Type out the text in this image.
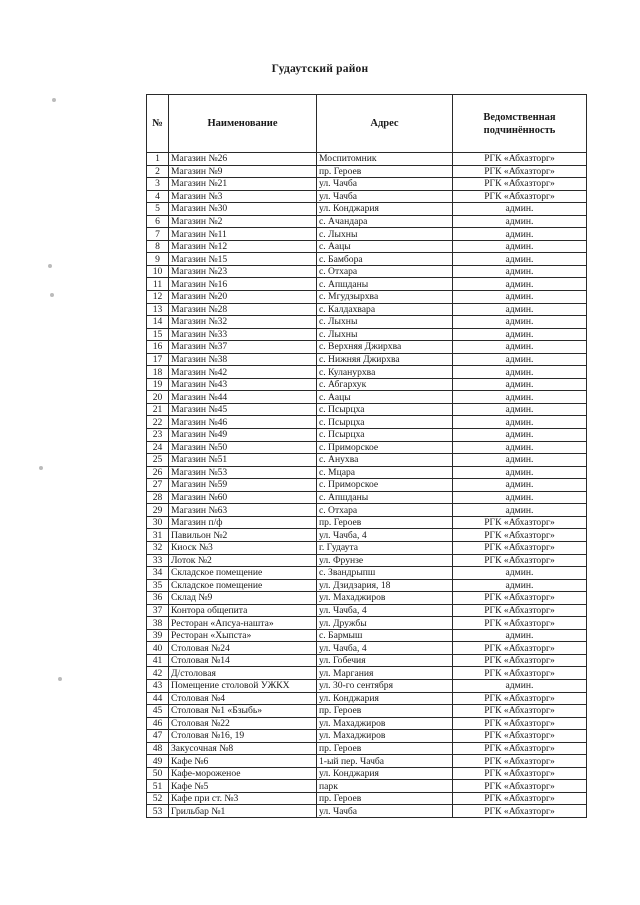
Гудаутский район
№	Наименование	Адрес	Ведомственная подчинённость
1	Магазин №26	Моспитомник	РГК «Абхазторг»
2	Магазин №9	пр. Героев	РГК «Абхазторг»
3	Магазин №21	ул. Чачба	РГК «Абхазторг»
4	Магазин №3	ул. Чачба	РГК «Абхазторг»
5	Магазин №30	ул. Конджария	админ.
6	Магазин №2	с. Ачандара	админ.
7	Магазин №11	с. Лыхны	админ.
8	Магазин №12	с. Аацы	админ.
9	Магазин №15	с. Бамбора	админ.
10	Магазин №23	с. Отхара	админ.
11	Магазин №16	с. Апшданы	админ.
12	Магазин №20	с. Мгудзырхва	админ.
13	Магазин №28	с. Калдахвара	админ.
14	Магазин №32	с. Лыхны	админ.
15	Магазин №33	с. Лыхны	админ.
16	Магазин №37	с. Верхняя Джирхва	админ.
17	Магазин №38	с. Нижняя Джирхва	админ.
18	Магазин №42	с. Куланурхва	админ.
19	Магазин №43	с. Абгархук	админ.
20	Магазин №44	с. Аацы	админ.
21	Магазин №45	с. Псырцха	админ.
22	Магазин №46	с. Псырцха	админ.
23	Магазин №49	с. Псырцха	админ.
24	Магазин №50	с. Приморское	админ.
25	Магазин №51	с. Анухва	админ.
26	Магазин №53	с. Мцара	админ.
27	Магазин №59	с. Приморское	админ.
28	Магазин №60	с. Апшданы	админ.
29	Магазин №63	с. Отхара	админ.
30	Магазин п/ф	пр. Героев	РГК «Абхазторг»
31	Павильон №2	ул. Чачба, 4	РГК «Абхазторг»
32	Киоск №3	г. Гудаута	РГК «Абхазторг»
33	Лоток №2	ул. Фрунзе	РГК «Абхазторг»
34	Складское помещение	с. Звандрыпш	админ.
35	Складское помещение	ул. Дзидзария, 18	админ.
36	Склад №9	ул. Махаджиров	РГК «Абхазторг»
37	Контора общепита	ул. Чачба, 4	РГК «Абхазторг»
38	Ресторан «Апсуа-нашта»	ул. Дружбы	РГК «Абхазторг»
39	Ресторан «Хыпста»	с. Бармыш	админ.
40	Столовая №24	ул. Чачба, 4	РГК «Абхазторг»
41	Столовая №14	ул. Гобечия	РГК «Абхазторг»
42	Д/столовая	ул. Маргания	РГК «Абхазторг»
43	Помещение столовой УЖКХ	ул. 30-го сентября	админ.
44	Столовая №4	ул. Конджария	РГК «Абхазторг»
45	Столовая №1 «Бзыбь»	пр. Героев	РГК «Абхазторг»
46	Столовая №22	ул. Махаджиров	РГК «Абхазторг»
47	Столовая №16, 19	ул. Махаджиров	РГК «Абхазторг»
48	Закусочная №8	пр. Героев	РГК «Абхазторг»
49	Кафе №6	1-ый пер. Чачба	РГК «Абхазторг»
50	Кафе-мороженое	ул. Конджария	РГК «Абхазторг»
51	Кафе №5	парк	РГК «Абхазторг»
52	Кафе при ст. №3	пр. Героев	РГК «Абхазторг»
53	Грильбар №1	ул. Чачба	РГК «Абхазторг»
